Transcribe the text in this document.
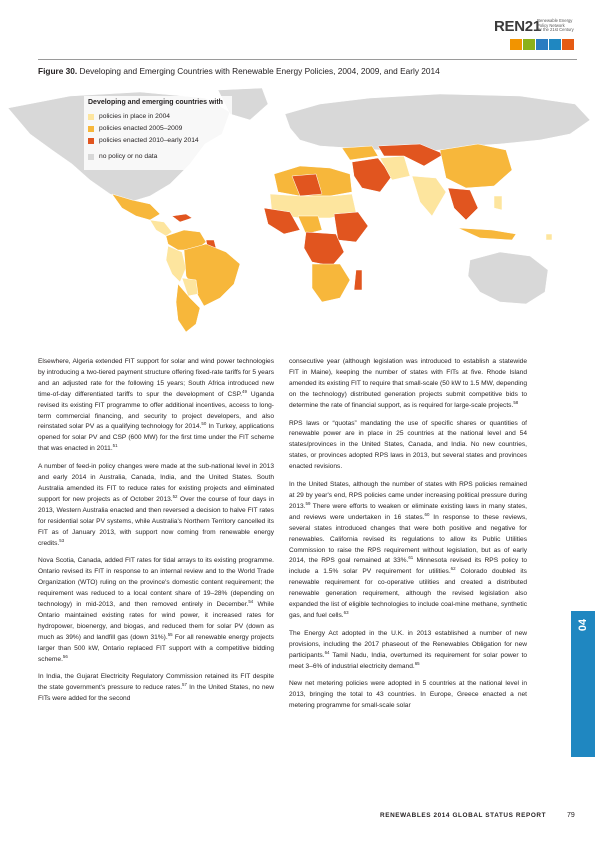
REN21
Renewable Energy
Policy Network
for the 21st Century
Figure 30. Developing and Emerging Countries with Renewable Energy Policies, 2004, 2009, and Early 2014
Developing and emerging countries with
policies in place in 2004
policies enacted 2005–2009
policies enacted 2010–early 2014
no policy or no data

Elsewhere, Algeria extended FIT support for solar and wind power technologies by introducing a two-tiered payment structure offering fixed-rate tariffs for 5 years and an adjusted rate for the following 15 years; South Africa introduced new time-of-day differentiated tariffs to spur the development of CSP.$^{49}$ Uganda revised its existing FIT programme to offer additional incentives, access to long-term commercial financing, and security to project developers, and also reinstated solar PV as a qualifying technology for 2014.50 In Turkey, applications opened for solar PV and CSP (600 MW) for the first time under the FIT scheme that was enacted in 2011.51

A number of feed-in policy changes were made at the sub-national level in 2013 and early 2014 in Australia, Canada, India, and the United States. South Australia amended its FIT to reduce rates for existing projects and eliminated support for new projects as of October 2013.52 Over the course of four days in 2013, Western Australia enacted and then reversed a decision to halve FIT rates for residential solar PV systems, while Australia's Northern Territory cancelled its FIT as of January 2013, with support now coming from renewable energy credits.$^{53}$

Nova Scotia, Canada, added FIT rates for tidal arrays to its existing programme. Ontario revised its FIT in response to an internal review and to the World Trade Organization (WTO) ruling on the province's domestic content requirement; the requirement was reduced to a local content share of 19–28% (depending on technology) in mid-2013, and then removed entirely in December.$^{54}$ While Ontario maintained existing rates for wind power, it increased rates for hydropower, bioenergy, and biogas, and reduced them for solar PV (down as much as 39%) and landfill gas (down 31%).$^{55}$ For all renewable energy projects larger than 500 kW, Ontario replaced FIT support with a competitive bidding scheme.$^{56}$

In India, the Gujarat Electricity Regulatory Commission retained its FIT despite the state government's pressure to reduce rates.$^{57}$ In the United States, no new FITs were added for the second

consecutive year (although legislation was introduced to establish a statewide FIT in Maine), keeping the number of states with FITs at five. Rhode Island amended its existing FIT to require that small-scale (50 kW to 1.5 MW, depending on the technology) distributed generation projects submit competitive bids to determine the rate of financial support, as is required for large-scale projects.$^{58}$

RPS laws or “quotas” mandating the use of specific shares or quantities of renewable power are in place in 25 countries at the national level and 54 states/provinces in the United States, Canada, and India. No new countries, states, or provinces adopted RPS laws in 2013, but several states and provinces enacted revisions.

In the United States, although the number of states with RPS policies remained at 29 by year's end, RPS policies came under increasing political pressure during 2013.59 There were efforts to weaken or eliminate existing laws in many states, and reviews were undertaken in 16 states.$^{60}$ In response to these reviews, several states introduced changes that were both positive and negative for renewables. California revised its regulations to allow its Public Utilities Commission to raise the RPS requirement without legislation, but as of early 2014, the RPS goal remained at 33%.$^{61}$ Minnesota revised its RPS policy to include a 1.5% solar PV requirement for utilities.$^{62}$ Colorado doubled its renewable requirement for co-operative utilities and created a distributed renewable generation requirement, although the revised legislation also expanded the list of eligible technologies to include coal-mine methane, synthetic gas, and fuel cells.$^{63}$

The Energy Act adopted in the U.K. in 2013 established a number of new provisions, including the 2017 phaseout of the Renewables Obligation for new participants.$^{64}$ Tamil Nadu, India, overturned its requirement for solar power to meet 3–6% of industrial electricity demand.$^{65}$

New net metering policies were adopted in 5 countries at the national level in 2013, bringing the total to 43 countries. In Europe, Greece enacted a net metering programme for small-scale solar

04
RENEWABLES 2014 GLOBAL STATUS REPORT	79
